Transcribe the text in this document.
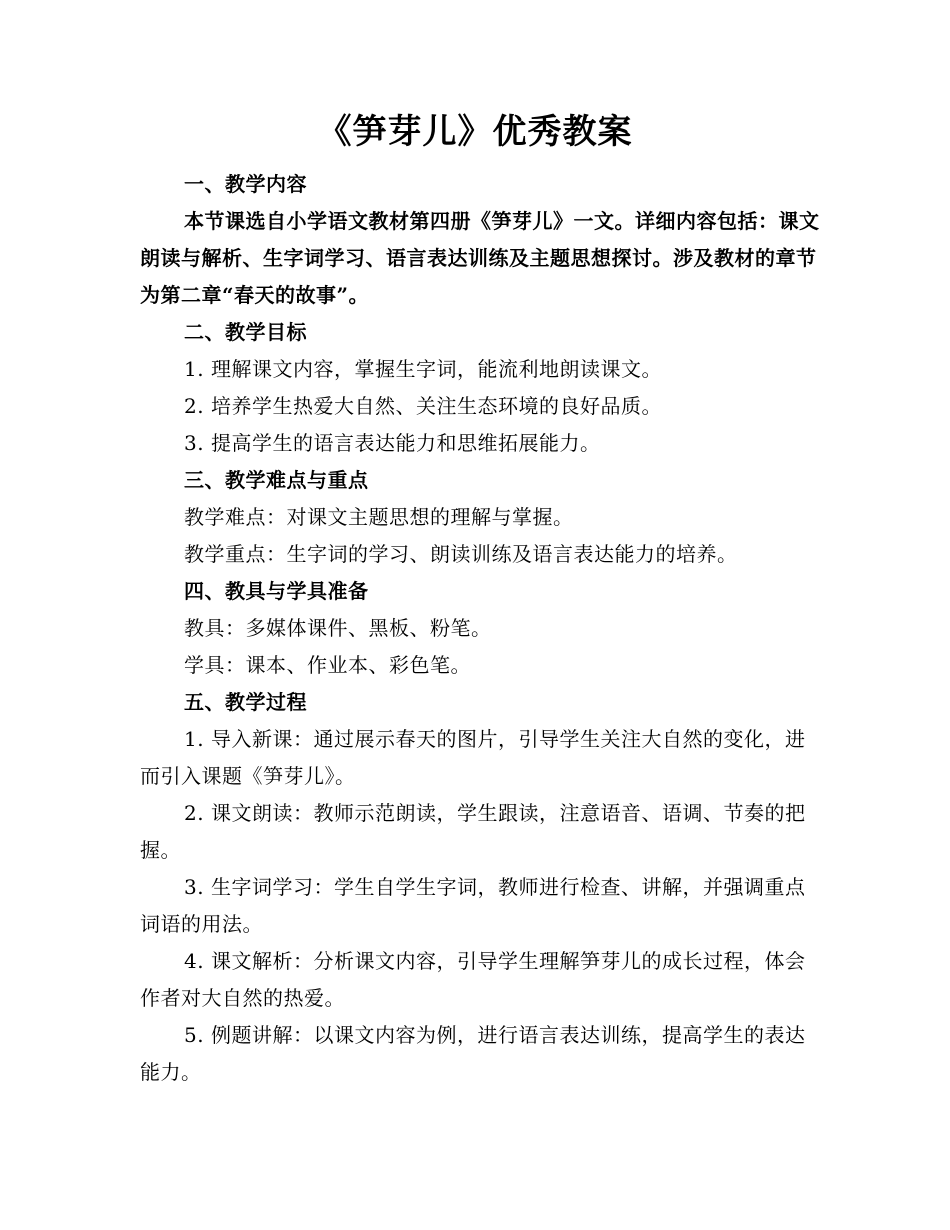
《笋芽儿》优秀教案

一、教学内容

本节课选自小学语文教材第四册《笋芽儿》一文。详细内容包括：课文朗读与解析、生字词学习、语言表达训练及主题思想探讨。涉及教材的章节为第二章“春天的故事”。

二、教学目标

1. 理解课文内容，掌握生字词，能流利地朗读课文。

2. 培养学生热爱大自然、关注生态环境的良好品质。

3. 提高学生的语言表达能力和思维拓展能力。

三、教学难点与重点

教学难点：对课文主题思想的理解与掌握。

教学重点：生字词的学习、朗读训练及语言表达能力的培养。

四、教具与学具准备

教具：多媒体课件、黑板、粉笔。

学具：课本、作业本、彩色笔。

五、教学过程

1. 导入新课：通过展示春天的图片，引导学生关注大自然的变化，进而引入课题《笋芽儿》。

2. 课文朗读：教师示范朗读，学生跟读，注意语音、语调、节奏的把握。

3. 生字词学习：学生自学生字词，教师进行检查、讲解，并强调重点词语的用法。

4. 课文解析：分析课文内容，引导学生理解笋芽儿的成长过程，体会作者对大自然的热爱。

5. 例题讲解：以课文内容为例，进行语言表达训练，提高学生的表达能力。
